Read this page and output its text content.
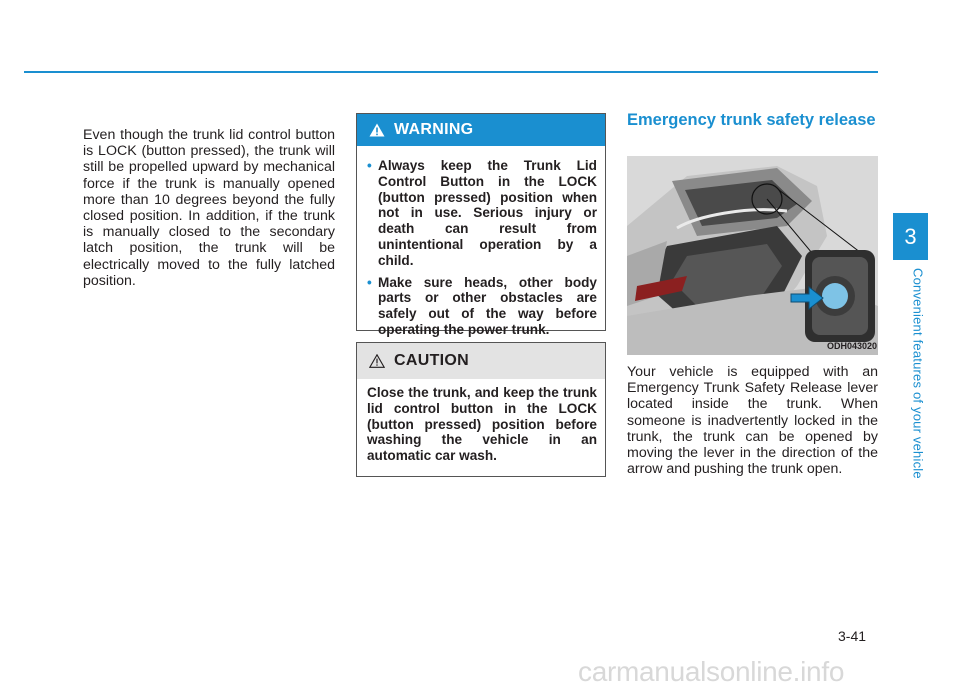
Even though the trunk lid control button is LOCK (button pressed), the trunk will still be propelled upward by mechanical force if the trunk is manually opened more than 10 degrees beyond the fully closed position. In addition, if the trunk is manually closed to the secondary latch position, the trunk will be electrically moved to the fully latched position.

WARNING
• Always keep the Trunk Lid Control Button in the LOCK (button pressed) position when not in use. Serious injury or death can result from unintentional operation by a child.
• Make sure heads, other body parts or other obstacles are safely out of the way before operating the power trunk.
CAUTION
Close the trunk, and keep the trunk lid control button in the LOCK (button pressed) position before washing the vehicle in an automatic car wash.
Emergency trunk safety release
ODH043020

Your vehicle is equipped with an Emergency Trunk Safety Release lever located inside the trunk. When someone is inadvertently locked in the trunk, the trunk can be opened by moving the lever in the direction of the arrow and pushing the trunk open.

3
Convenient features of your vehicle
3-41
carmanualsonline.info
